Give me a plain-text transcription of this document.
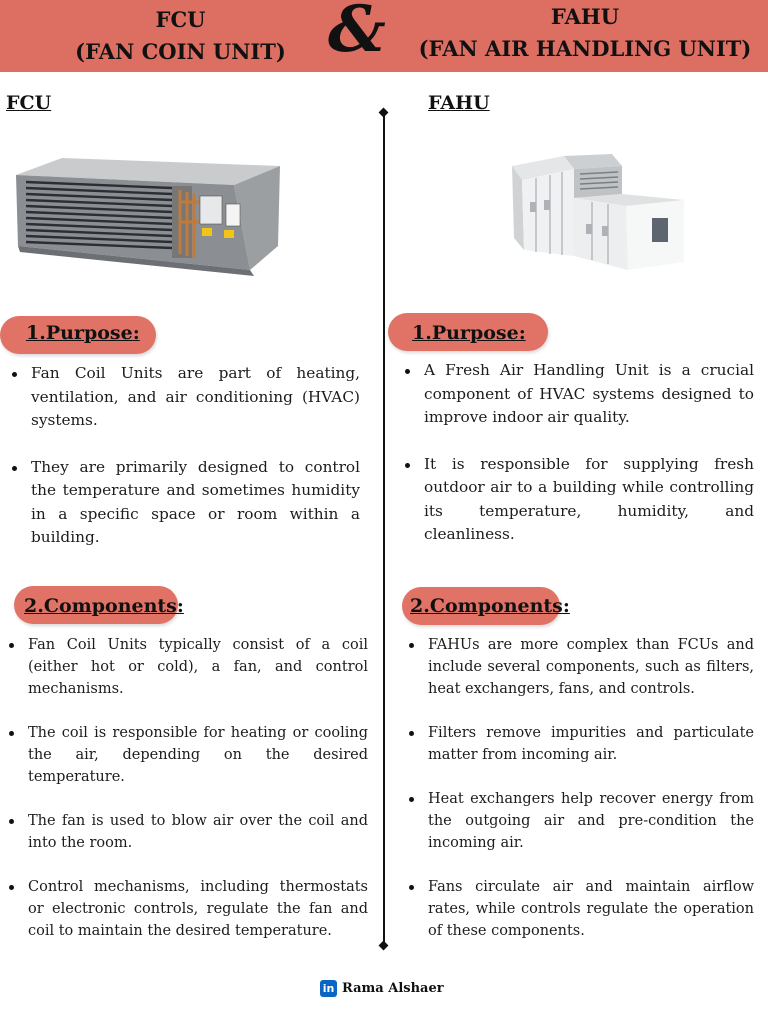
FCU
(FAN COIN UNIT) &	FAHU
(FAN AIR HANDLING UNIT)
FCU	FAHU
1.Purpose:	1.Purpose:
Fan Coil Units are part of heating, ventilation, and air conditioning (HVAC) systems.
They are primarily designed to control the temperature and sometimes humidity in a specific space or room within a building.
A Fresh Air Handling Unit is a crucial component of HVAC systems designed to improve indoor air quality.
It is responsible for supplying fresh outdoor air to a building while controlling its temperature, humidity, and cleanliness.
2.Components:	2.Components:
Fan Coil Units typically consist of a coil (either hot or cold), a fan, and control mechanisms.
The coil is responsible for heating or cooling the air, depending on the desired temperature.
The fan is used to blow air over the coil and into the room.
Control mechanisms, including thermostats or electronic controls, regulate the fan and coil to maintain the desired temperature.
FAHUs are more complex than FCUs and include several components, such as filters, heat exchangers, fans, and controls.
Filters remove impurities and particulate matter from incoming air.
Heat exchangers help recover energy from the outgoing air and pre-condition the incoming air.
Fans circulate air and maintain airflow rates, while controls regulate the operation of these components.
in Rama Alshaer
